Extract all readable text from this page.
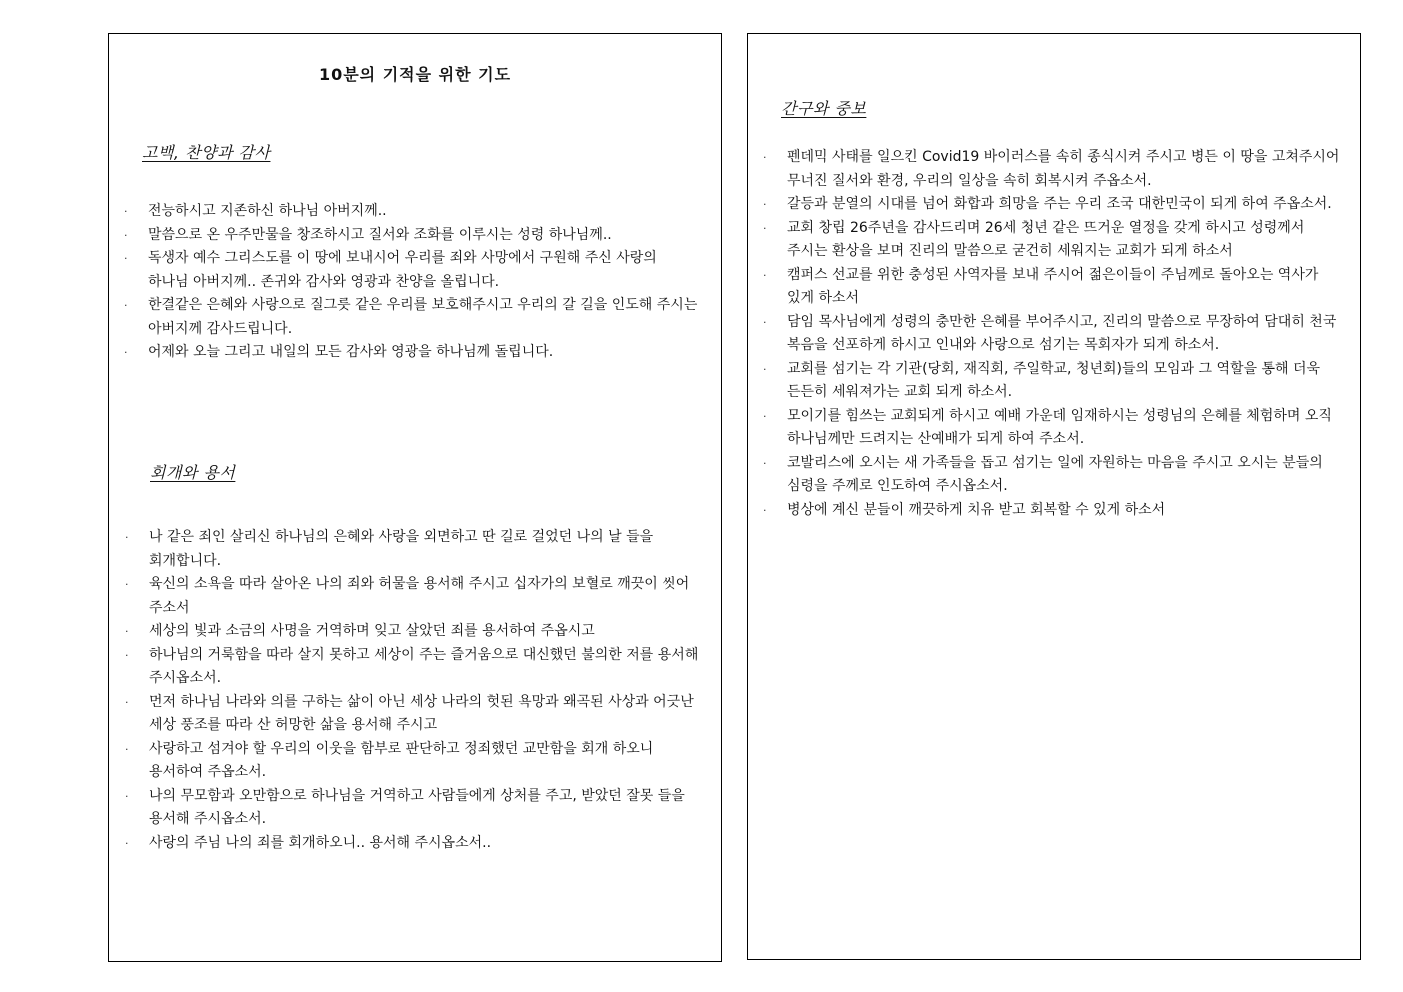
10분의 기적을 위한 기도
고백, 찬양과 감사
· 전능하시고 지존하신 하나님 아버지께..
· 말씀으로 온 우주만물을 창조하시고 질서와 조화를 이루시는 성령 하나님께..
· 독생자 예수 그리스도를 이 땅에 보내시어 우리를 죄와 사망에서 구원해 주신 사랑의 하나님 아버지께.. 존귀와 감사와 영광과 찬양을 올립니다.
· 한결같은 은혜와 사랑으로 질그릇 같은 우리를 보호해주시고 우리의 갈 길을 인도해 주시는 아버지께 감사드립니다.
· 어제와 오늘 그리고 내일의 모든 감사와 영광을 하나님께 돌립니다.
회개와 용서
· 나 같은 죄인 살리신 하나님의 은혜와 사랑을 외면하고 딴 길로 걸었던 나의 날 들을 회개합니다.
· 육신의 소욕을 따라 살아온 나의 죄와 허물을 용서해 주시고 십자가의 보혈로 깨끗이 씻어 주소서
· 세상의 빛과 소금의 사명을 거역하며 잊고 살았던 죄를 용서하여 주옵시고
· 하나님의 거룩함을 따라 살지 못하고 세상이 주는 즐거움으로 대신했던 불의한 저를 용서해 주시옵소서.
· 먼저 하나님 나라와 의를 구하는 삶이 아닌 세상 나라의 헛된 욕망과 왜곡된 사상과 어긋난 세상 풍조를 따라 산 허망한 삶을 용서해 주시고
· 사랑하고 섬겨야 할 우리의 이웃을 함부로 판단하고 정죄했던 교만함을 회개 하오니 용서하여 주옵소서.
· 나의 무모함과 오만함으로 하나님을 거역하고 사람들에게 상처를 주고, 받았던 잘못 들을 용서해 주시옵소서.
· 사랑의 주님 나의 죄를 회개하오니.. 용서해 주시옵소서..
간구와 중보
· 펜데믹 사태를 일으킨 Covid19 바이러스를 속히 종식시켜 주시고 병든 이 땅을 고쳐주시어 무너진 질서와 환경, 우리의 일상을 속히 회복시켜 주옵소서.
· 갈등과 분열의 시대를 넘어 화합과 희망을 주는 우리 조국 대한민국이 되게 하여 주옵소서.
· 교회 창립 26주년을 감사드리며 26세 청년 같은 뜨거운 열정을 갖게 하시고 성령께서 주시는 환상을 보며 진리의 말씀으로 굳건히 세워지는 교회가 되게 하소서
· 캠퍼스 선교를 위한 충성된 사역자를 보내 주시어 젊은이들이 주님께로 돌아오는 역사가 있게 하소서
· 담임 목사님에게 성령의 충만한 은혜를 부어주시고, 진리의 말씀으로 무장하여 담대히 천국 복음을 선포하게 하시고 인내와 사랑으로 섬기는 목회자가 되게 하소서.
· 교회를 섬기는 각 기관(당회, 재직회, 주일학교, 청년회)들의 모임과 그 역할을 통해 더욱 든든히 세워져가는 교회 되게 하소서.
· 모이기를 힘쓰는 교회되게 하시고 예배 가운데 임재하시는 성령님의 은혜를 체험하며 오직 하나님께만 드려지는 산예배가 되게 하여 주소서.
· 코발리스에 오시는 새 가족들을 돕고 섬기는 일에 자원하는 마음을 주시고 오시는 분들의 심령을 주께로 인도하여 주시옵소서.
· 병상에 계신 분들이 깨끗하게 치유 받고 회복할 수 있게 하소서
